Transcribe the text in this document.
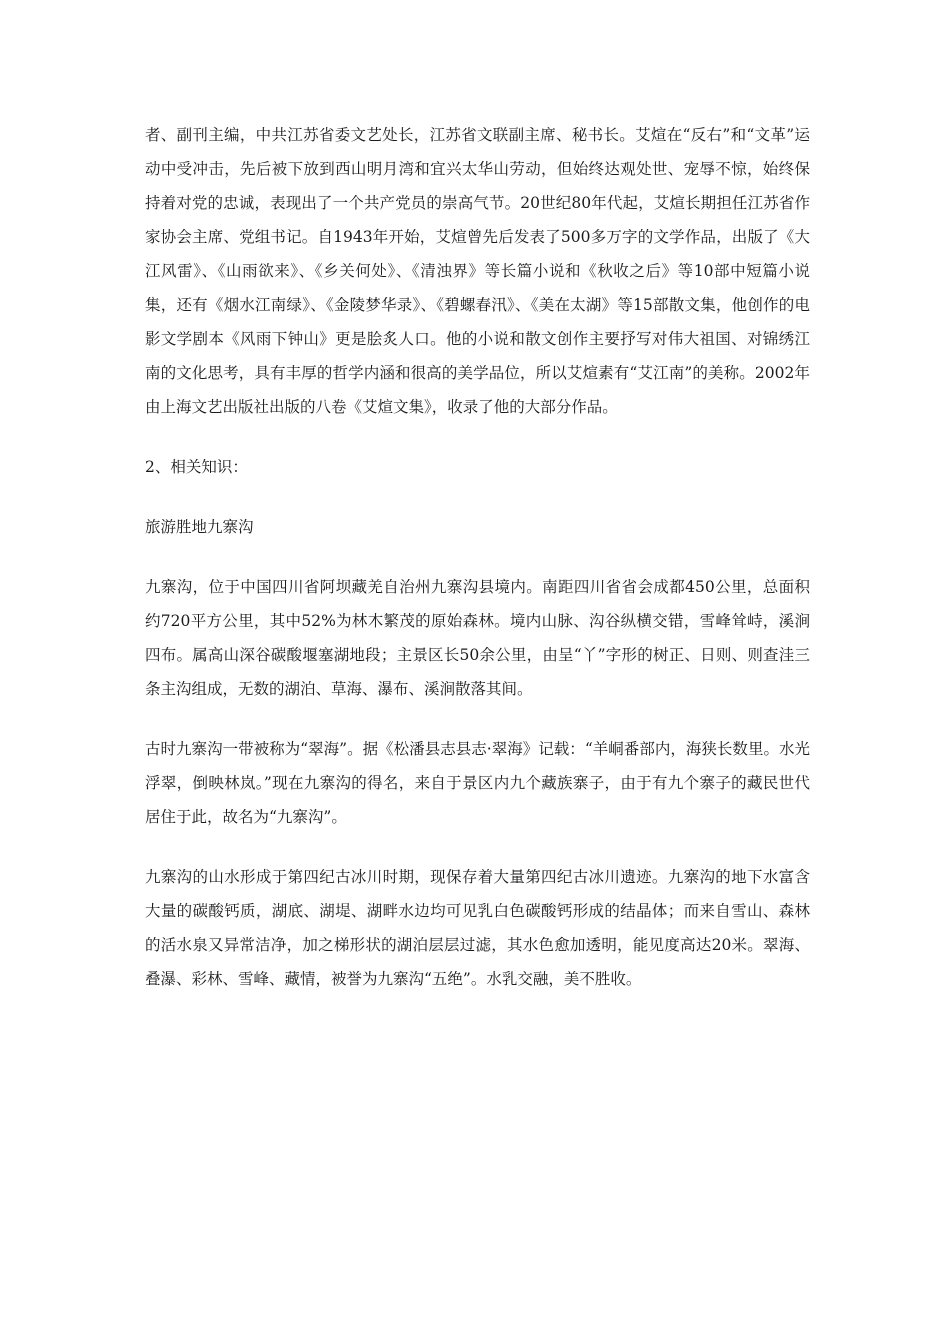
者、副刊主编，中共江苏省委文艺处长，江苏省文联副主席、秘书长。艾煊在“反右”和“文革”运动中受冲击，先后被下放到西山明月湾和宜兴太华山劳动，但始终达观处世、宠辱不惊，始终保持着对党的忠诚，表现出了一个共产党员的崇高气节。20世纪80年代起，艾煊长期担任江苏省作家协会主席、党组书记。自1943年开始，艾煊曾先后发表了500多万字的文学作品，出版了《大江风雷》、《山雨欲来》、《乡关何处》、《清浊界》等长篇小说和《秋收之后》等10部中短篇小说集，还有《烟水江南绿》、《金陵梦华录》、《碧螺春汛》、《美在太湖》等15部散文集，他创作的电影文学剧本《风雨下钟山》更是脍炙人口。他的小说和散文创作主要抒写对伟大祖国、对锦绣江南的文化思考，具有丰厚的哲学内涵和很高的美学品位，所以艾煊素有“艾江南”的美称。2002年由上海文艺出版社出版的八卷《艾煊文集》，收录了他的大部分作品。

2、相关知识：

旅游胜地九寨沟

九寨沟，位于中国四川省阿坝藏羌自治州九寨沟县境内。南距四川省省会成都450公里，总面积约720平方公里，其中52%为林木繁茂的原始森林。境内山脉、沟谷纵横交错，雪峰耸峙，溪涧四布。属高山深谷碳酸堰塞湖地段；主景区长50余公里，由呈“丫”字形的树正、日则、则查洼三条主沟组成，无数的湖泊、草海、瀑布、溪涧散落其间。

古时九寨沟一带被称为“翠海”。据《松潘县志县志·翠海》记载：“羊峒番部内，海狭长数里。水光浮翠，倒映林岚。”现在九寨沟的得名，来自于景区内九个藏族寨子，由于有九个寨子的藏民世代居住于此，故名为“九寨沟”。

九寨沟的山水形成于第四纪古冰川时期，现保存着大量第四纪古冰川遗迹。九寨沟的地下水富含大量的碳酸钙质，湖底、湖堤、湖畔水边均可见乳白色碳酸钙形成的结晶体；而来自雪山、森林的活水泉又异常洁净，加之梯形状的湖泊层层过滤，其水色愈加透明，能见度高达20米。翠海、叠瀑、彩林、雪峰、藏情，被誉为九寨沟“五绝”。水乳交融，美不胜收。
